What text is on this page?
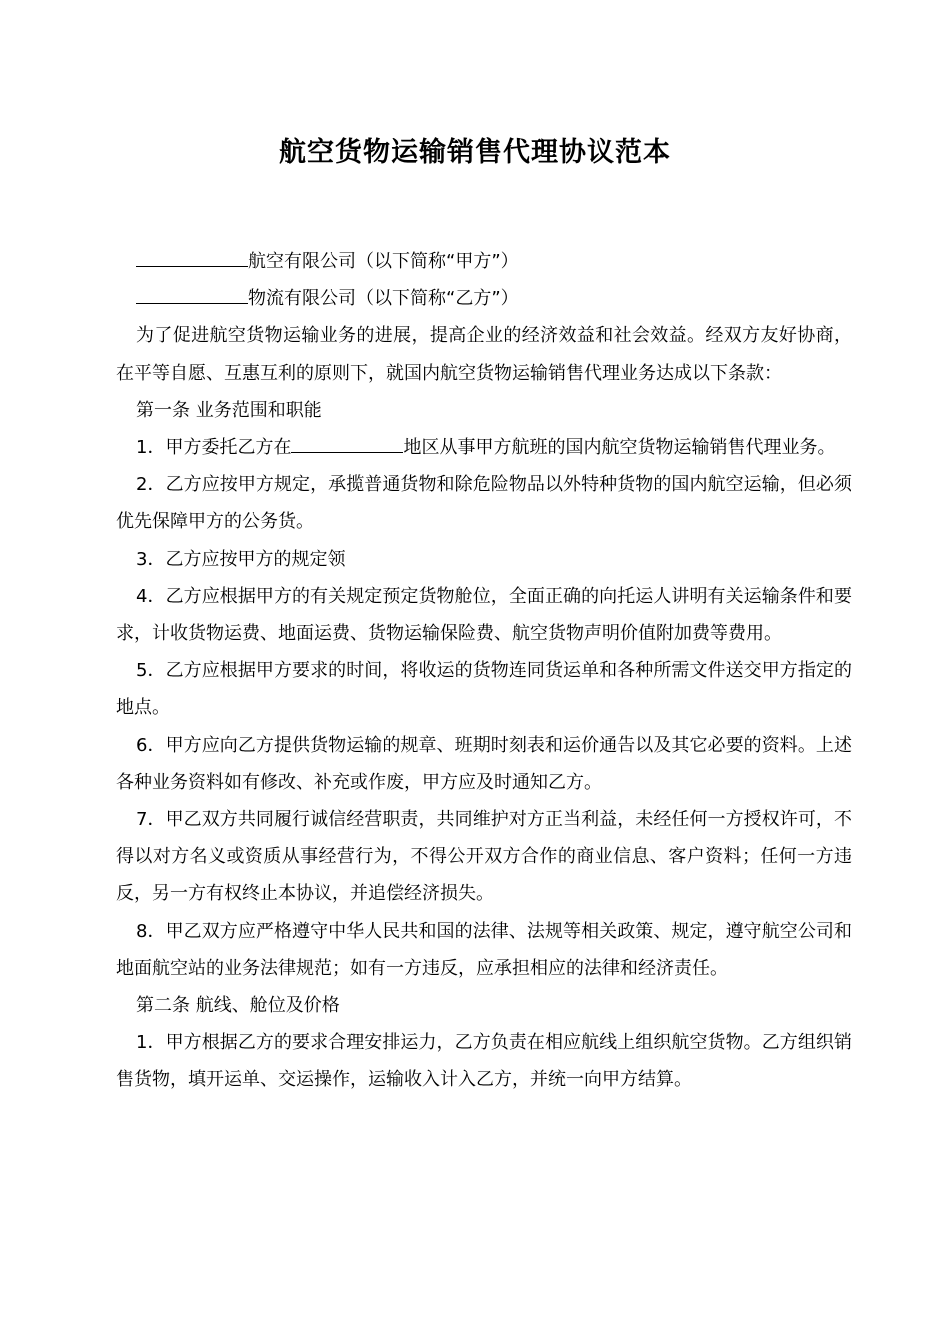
航空货物运输销售代理协议范本

航空有限公司（以下简称“甲方”）

物流有限公司（以下简称“乙方”）

为了促进航空货物运输业务的进展，提高企业的经济效益和社会效益。经双方友好协商，在平等自愿、互惠互利的原则下，就国内航空货物运输销售代理业务达成以下条款：

第一条 业务范围和职能

1．甲方委托乙方在	地区从事甲方航班的国内航空货物运输销售代理业务。

2．乙方应按甲方规定，承揽普通货物和除危险物品以外特种货物的国内航空运输，但必须优先保障甲方的公务货。

3．乙方应按甲方的规定领

4．乙方应根据甲方的有关规定预定货物舱位，全面正确的向托运人讲明有关运输条件和要求，计收货物运费、地面运费、货物运输保险费、航空货物声明价值附加费等费用。

5．乙方应根据甲方要求的时间，将收运的货物连同货运单和各种所需文件送交甲方指定的地点。

6．甲方应向乙方提供货物运输的规章、班期时刻表和运价通告以及其它必要的资料。上述各种业务资料如有修改、补充或作废，甲方应及时通知乙方。

7．甲乙双方共同履行诚信经营职责，共同维护对方正当利益，未经任何一方授权许可，不得以对方名义或资质从事经营行为，不得公开双方合作的商业信息、客户资料；任何一方违反，另一方有权终止本协议，并追偿经济损失。

8．甲乙双方应严格遵守中华人民共和国的法律、法规等相关政策、规定，遵守航空公司和地面航空站的业务法律规范；如有一方违反，应承担相应的法律和经济责任。

第二条 航线、舱位及价格

1．甲方根据乙方的要求合理安排运力，乙方负责在相应航线上组织航空货物。乙方组织销售货物，填开运单、交运操作，运输收入计入乙方，并统一向甲方结算。
